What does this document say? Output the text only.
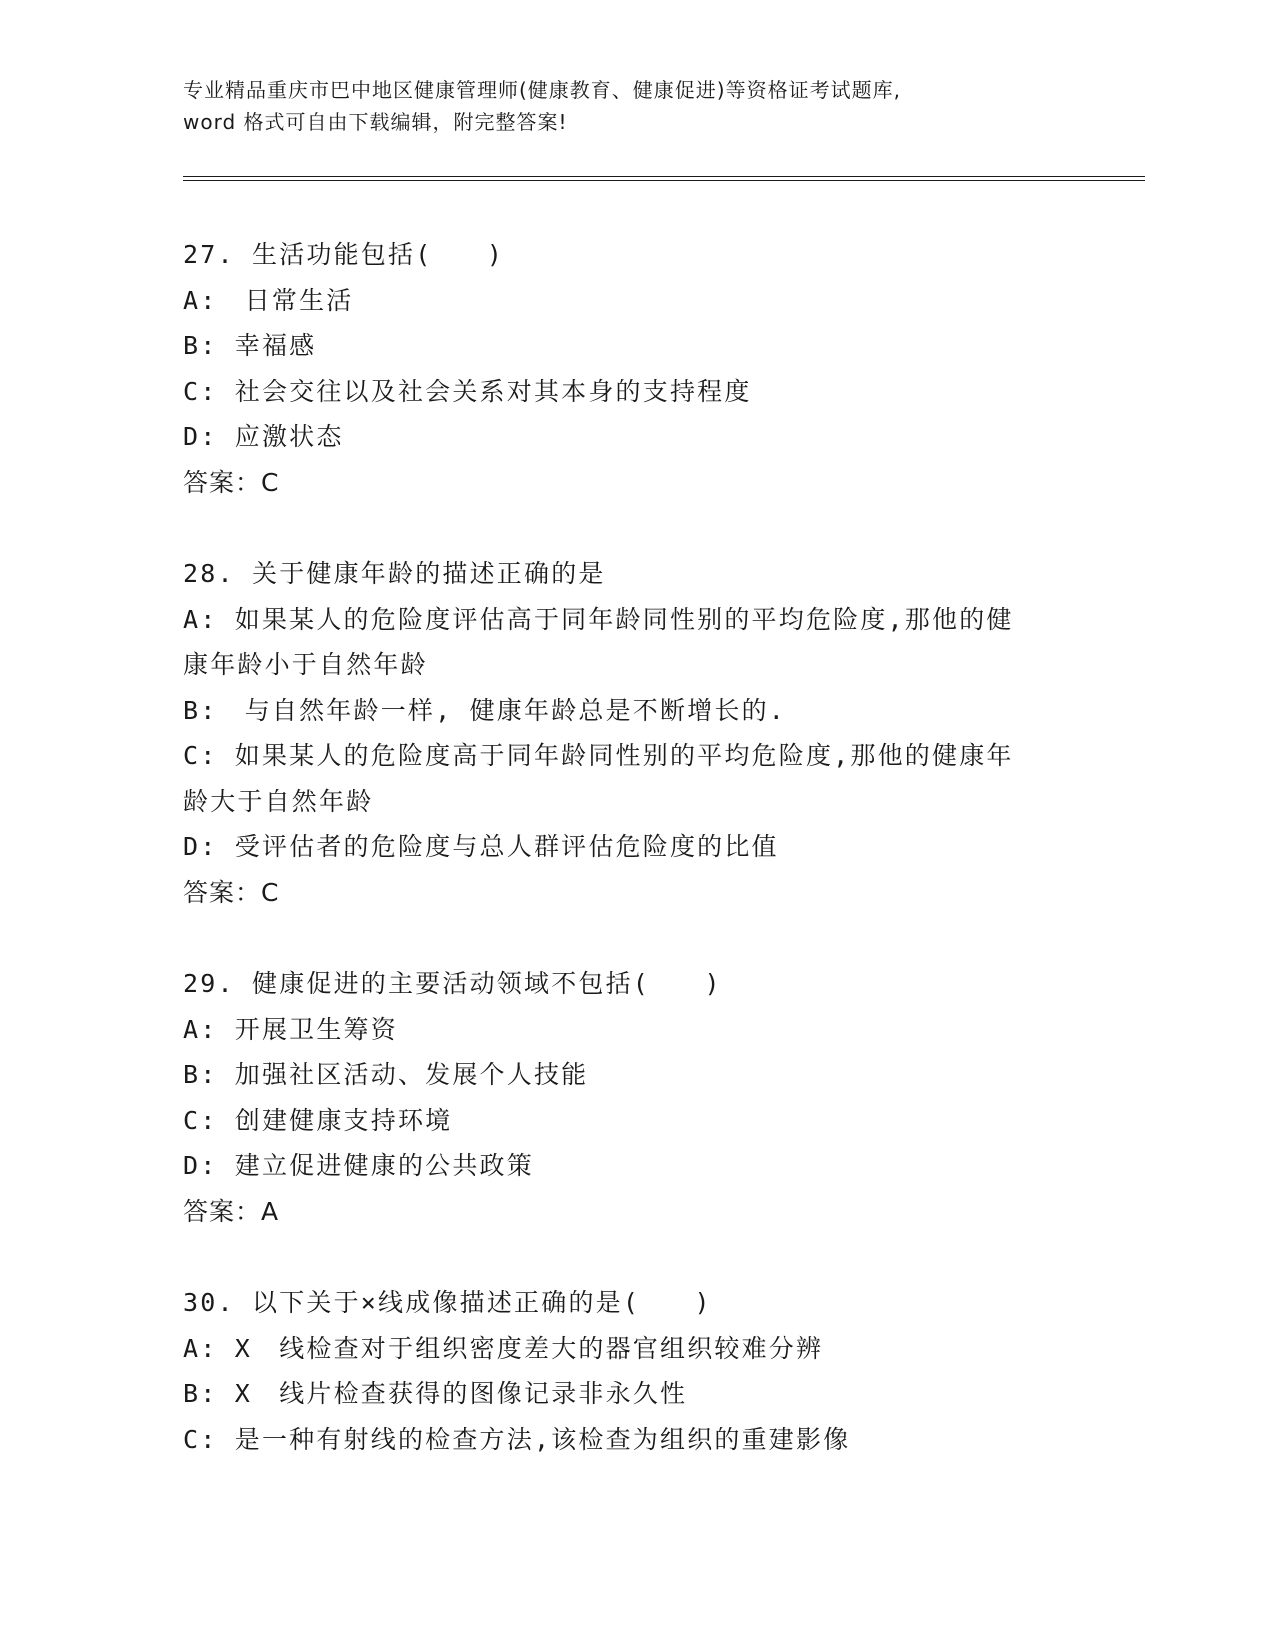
专业精品重庆市巴中地区健康管理师(健康教育、健康促进)等资格证考试题库,
word 格式可自由下载编辑，附完整答案!
27. 生活功能包括(　　)
A:　日常生活
B: 幸福感
C: 社会交往以及社会关系对其本身的支持程度
D: 应激状态
答案：C
28. 关于健康年龄的描述正确的是
A: 如果某人的危险度评估高于同年龄同性别的平均危险度,那他的健
康年龄小于自然年龄
B:　与自然年龄一样, 健康年龄总是不断增长的.
C: 如果某人的危险度高于同年龄同性别的平均危险度,那他的健康年
龄大于自然年龄
D: 受评估者的危险度与总人群评估危险度的比值
答案：C
29. 健康促进的主要活动领域不包括(　　)
A: 开展卫生筹资
B: 加强社区活动、发展个人技能
C: 创建健康支持环境
D: 建立促进健康的公共政策
答案：A
30. 以下关于×线成像描述正确的是(　　)
A: X　线检查对于组织密度差大的器官组织较难分辨
B: X　线片检查获得的图像记录非永久性
C: 是一种有射线的检查方法,该检查为组织的重建影像
